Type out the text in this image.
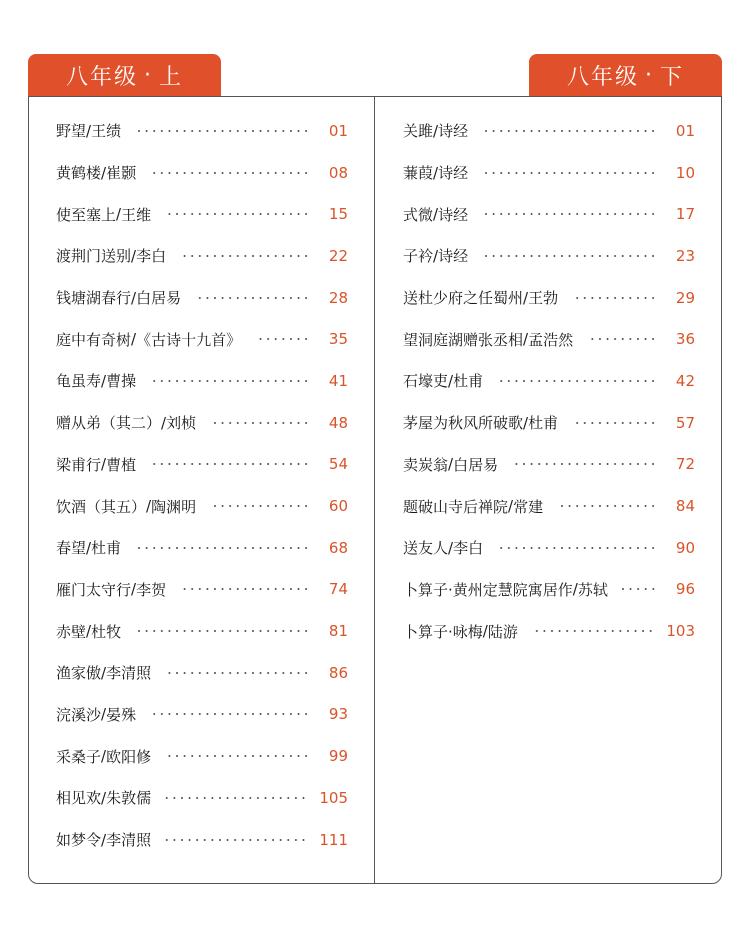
八年级 · 上	八年级 · 下
野望 / 王绩	01
黄鹤楼 / 崔颢	08
使至塞上 / 王维	15
渡荆门送别 / 李白	22
钱塘湖春行 / 白居易	28
庭中有奇树 / 《古诗十九首》	35
龟虽寿 / 曹操	41
赠从弟（其二） / 刘桢	48
梁甫行 / 曹植	54
饮酒（其五） / 陶渊明	60
春望 / 杜甫	68
雁门太守行 / 李贺	74
赤壁 / 杜牧	81
渔家傲 / 李清照	86
浣溪沙 / 晏殊	93
采桑子 / 欧阳修	99
相见欢 / 朱敦儒	105
如梦令 / 李清照	111
关雎 / 诗经	01
蒹葭 / 诗经	10
式微 / 诗经	17
子衿 / 诗经	23
送杜少府之任蜀州 / 王勃	29
望洞庭湖赠张丞相 / 孟浩然	36
石壕吏 / 杜甫	42
茅屋为秋风所破歌 / 杜甫	57
卖炭翁 / 白居易	72
题破山寺后禅院 / 常建	84
送友人 / 李白	90
卜算子·黄州定慧院寓居作 / 苏轼	96
卜算子·咏梅 / 陆游	103
